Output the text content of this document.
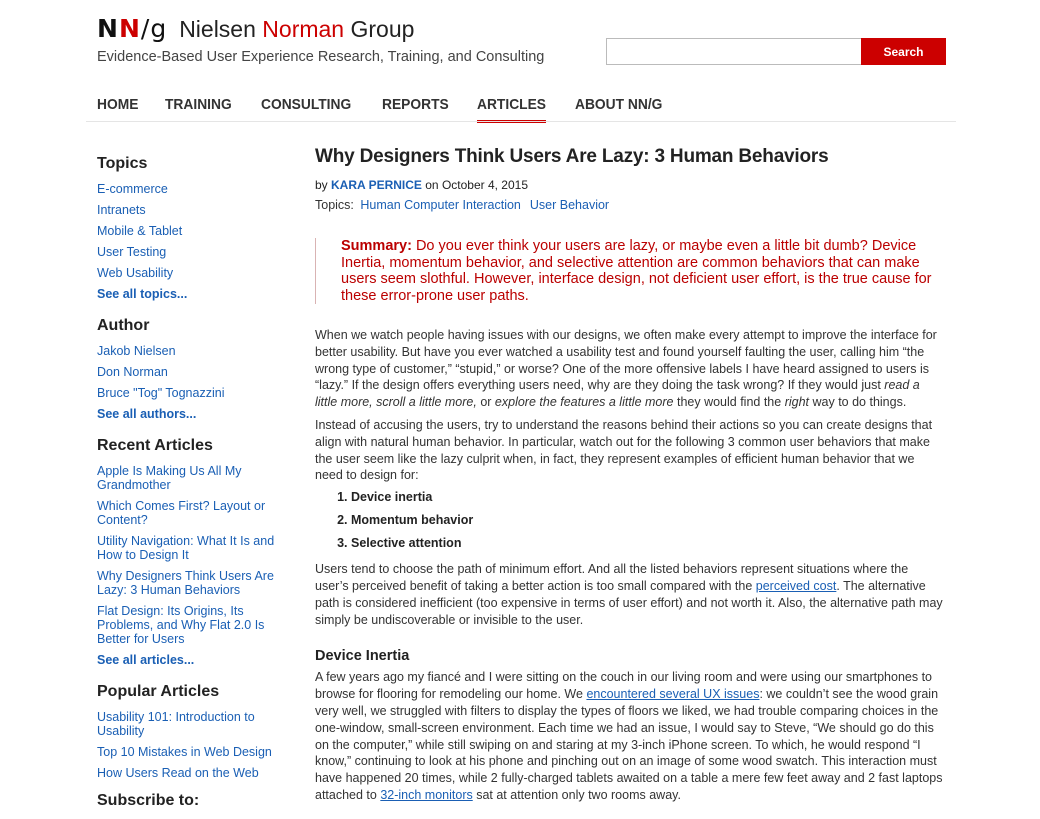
NN/g Nielsen Norman Group
Evidence-Based User Experience Research, Training, and Consulting	Search
HOME TRAINING CONSULTING REPORTS ARTICLES ABOUT NN/G
Topics
E-commerce
Intranets
Mobile & Tablet
User Testing
Web Usability
See all topics...
Author
Jakob Nielsen
Don Norman
Bruce "Tog" Tognazzini
See all authors...
Recent Articles
Apple Is Making Us All My Grandmother
Which Comes First? Layout or Content?
Utility Navigation: What It Is and How to Design It
Why Designers Think Users Are Lazy: 3 Human Behaviors
Flat Design: Its Origins, Its Problems, and Why Flat 2.0 Is Better for Users
See all articles...
Popular Articles
Usability 101: Introduction to Usability
Top 10 Mistakes in Web Design
How Users Read on the Web
Subscribe to:
Why Designers Think Users Are Lazy: 3 Human Behaviors
by KARA PERNICE on October 4, 2015
Topics: Human Computer Interaction User Behavior
Summary: Do you ever think your users are lazy, or maybe even a little bit dumb? Device Inertia, momentum behavior, and selective attention are common behaviors that can make users seem slothful. However, interface design, not deficient user effort, is the true cause for these error-prone user paths.

When we watch people having issues with our designs, we often make every attempt to improve the interface for better usability. But have you ever watched a usability test and found yourself faulting the user, calling him “the wrong type of customer,” “stupid,” or worse? One of the more offensive labels I have heard assigned to users is “lazy.” If the design offers everything users need, why are they doing the task wrong? If they would just read a little more, scroll a little more, or explore the features a little more they would find the right way to do things.

Instead of accusing the users, try to understand the reasons behind their actions so you can create designs that align with natural human behavior. In particular, watch out for the following 3 common user behaviors that make the user seem like the lazy culprit when, in fact, they represent examples of efficient human behavior that we need to design for:

1. Device inertia
2. Momentum behavior
3. Selective attention

Users tend to choose the path of minimum effort. And all the listed behaviors represent situations where the user’s perceived benefit of taking a better action is too small compared with the perceived cost. The alternative path is considered inefficient (too expensive in terms of user effort) and not worth it. Also, the alternative path may simply be undiscoverable or invisible to the user.

Device Inertia

A few years ago my fiancé and I were sitting on the couch in our living room and were using our smartphones to browse for flooring for remodeling our home. We encountered several UX issues: we couldn’t see the wood grain very well, we struggled with filters to display the types of floors we liked, we had trouble comparing choices in the one-window, small-screen environment. Each time we had an issue, I would say to Steve, “We should go do this on the computer,” while still swiping on and staring at my 3-inch iPhone screen. To which, he would respond “I know,” continuing to look at his phone and pinching out on an image of some wood swatch. This interaction must have happened 20 times, while 2 fully-charged tablets awaited on a table a mere few feet away and 2 fast laptops attached to 32-inch monitors sat at attention only two rooms away.
